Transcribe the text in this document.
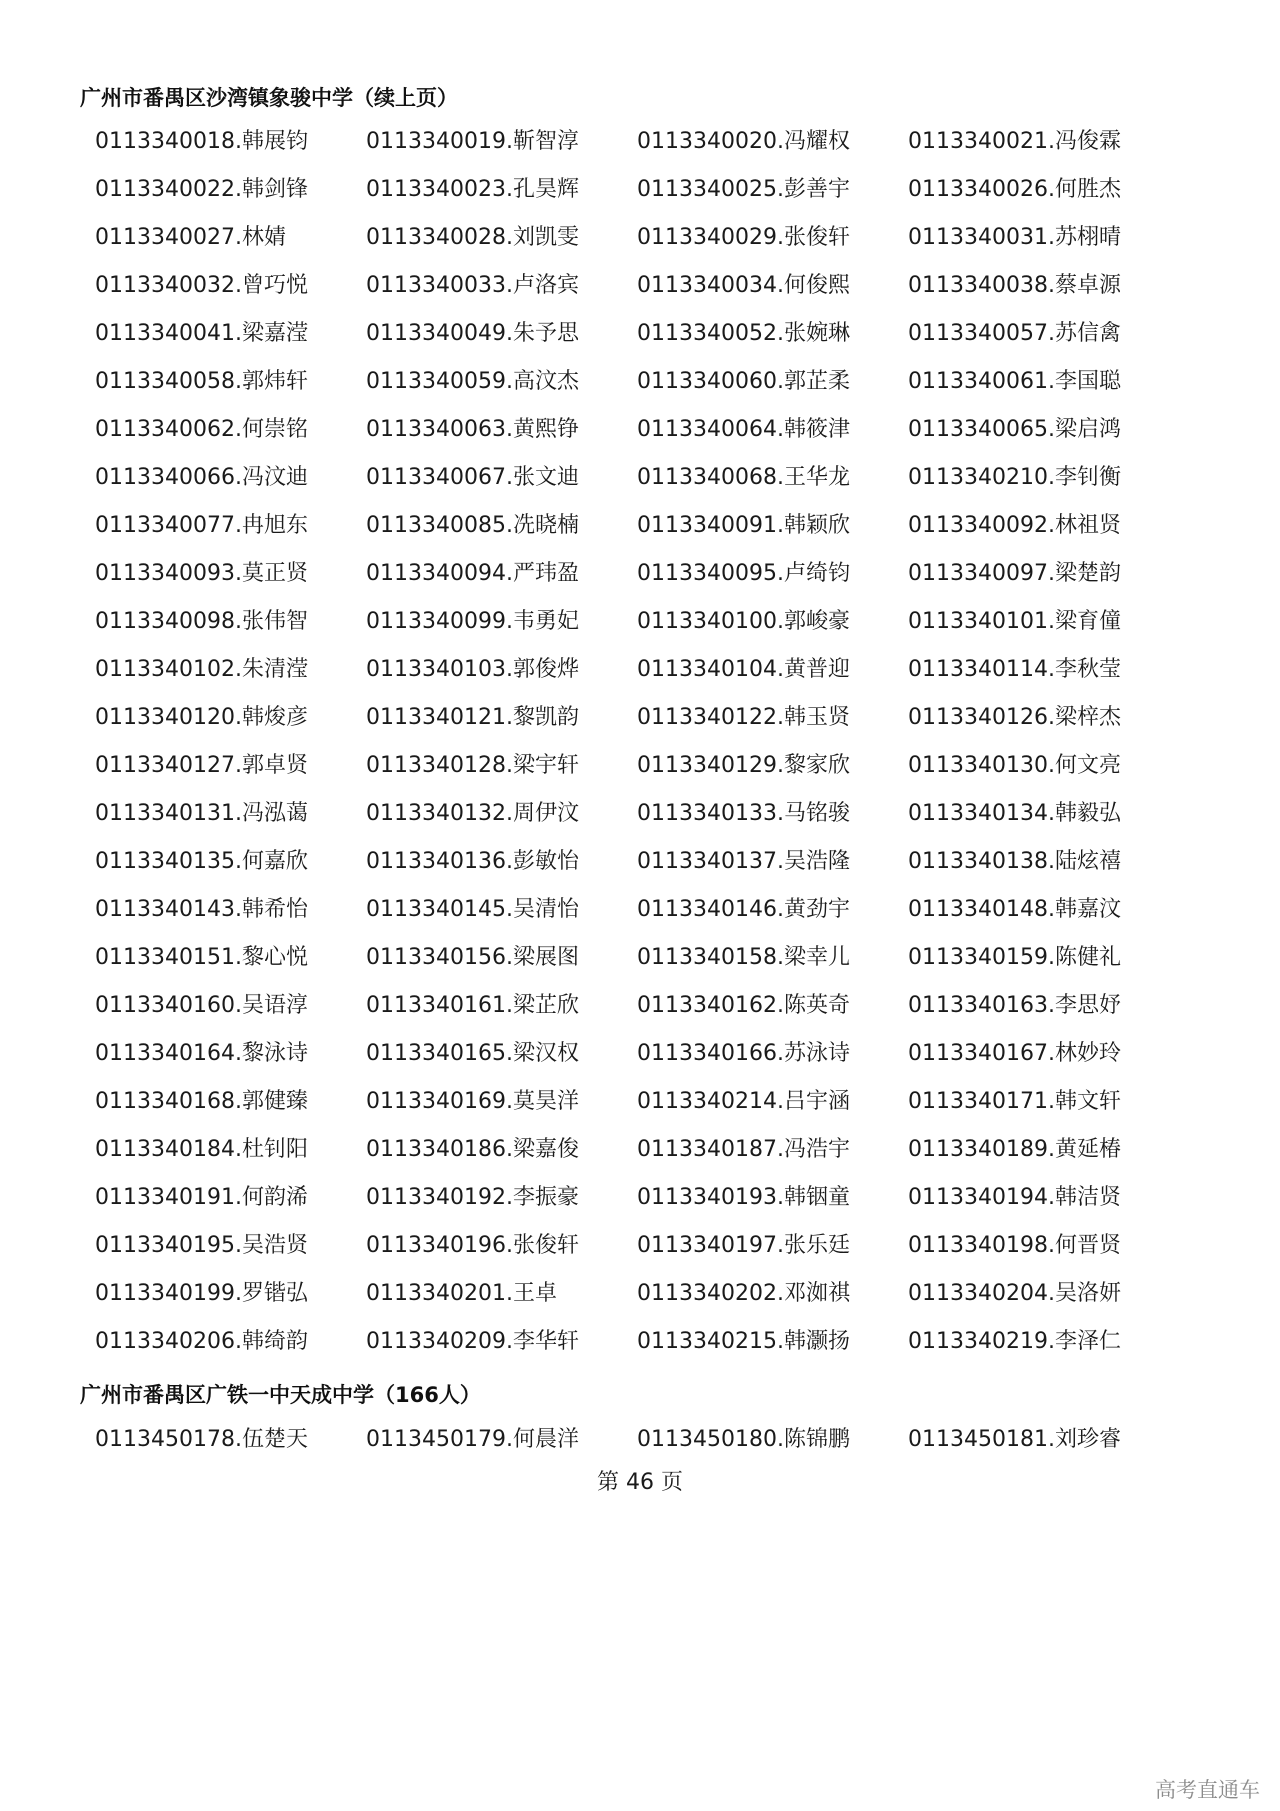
广州市番禺区沙湾镇象骏中学（续上页）
0113340018.韩展钧	0113340019.靳智淳	0113340020.冯耀权	0113340021.冯俊霖
0113340022.韩剑锋	0113340023.孔昊辉	0113340025.彭善宇	0113340026.何胜杰
0113340027.林婧	0113340028.刘凯雯	0113340029.张俊轩	0113340031.苏栩晴
0113340032.曾巧悦	0113340033.卢洛宾	0113340034.何俊熙	0113340038.蔡卓源
0113340041.梁嘉滢	0113340049.朱予思	0113340052.张婉琳	0113340057.苏信禽
0113340058.郭炜轩	0113340059.高汶杰	0113340060.郭芷柔	0113340061.李国聪
0113340062.何崇铭	0113340063.黄熙铮	0113340064.韩筱津	0113340065.梁启鸿
0113340066.冯汶迪	0113340067.张文迪	0113340068.王华龙	0113340210.李钊衡
0113340077.冉旭东	0113340085.冼晓楠	0113340091.韩颖欣	0113340092.林祖贤
0113340093.莫正贤	0113340094.严玮盈	0113340095.卢绮钧	0113340097.梁楚韵
0113340098.张伟智	0113340099.韦勇妃	0113340100.郭峻豪	0113340101.梁育僮
0113340102.朱清滢	0113340103.郭俊烨	0113340104.黄普迎	0113340114.李秋莹
0113340120.韩焌彦	0113340121.黎凯韵	0113340122.韩玉贤	0113340126.梁梓杰
0113340127.郭卓贤	0113340128.梁宇轩	0113340129.黎家欣	0113340130.何文亮
0113340131.冯泓蔼	0113340132.周伊汶	0113340133.马铭骏	0113340134.韩毅弘
0113340135.何嘉欣	0113340136.彭敏怡	0113340137.吴浩隆	0113340138.陆炫禧
0113340143.韩希怡	0113340145.吴清怡	0113340146.黄劲宇	0113340148.韩嘉汶
0113340151.黎心悦	0113340156.梁展图	0113340158.梁幸儿	0113340159.陈健礼
0113340160.吴语淳	0113340161.梁芷欣	0113340162.陈英奇	0113340163.李思妤
0113340164.黎泳诗	0113340165.梁汉权	0113340166.苏泳诗	0113340167.林妙玲
0113340168.郭健臻	0113340169.莫昊洋	0113340214.吕宇涵	0113340171.韩文轩
0113340184.杜钊阳	0113340186.梁嘉俊	0113340187.冯浩宇	0113340189.黄延椿
0113340191.何韵浠	0113340192.李振豪	0113340193.韩铟童	0113340194.韩洁贤
0113340195.吴浩贤	0113340196.张俊轩	0113340197.张乐廷	0113340198.何晋贤
0113340199.罗锴弘	0113340201.王卓	0113340202.邓洳祺	0113340204.吴洛妍
0113340206.韩绮韵	0113340209.李华轩	0113340215.韩灏扬	0113340219.李泽仁
广州市番禺区广铁一中天成中学（166人）
0113450178.伍楚天	0113450179.何晨洋	0113450180.陈锦鹏	0113450181.刘珍睿
第 46 页
高考直通车
